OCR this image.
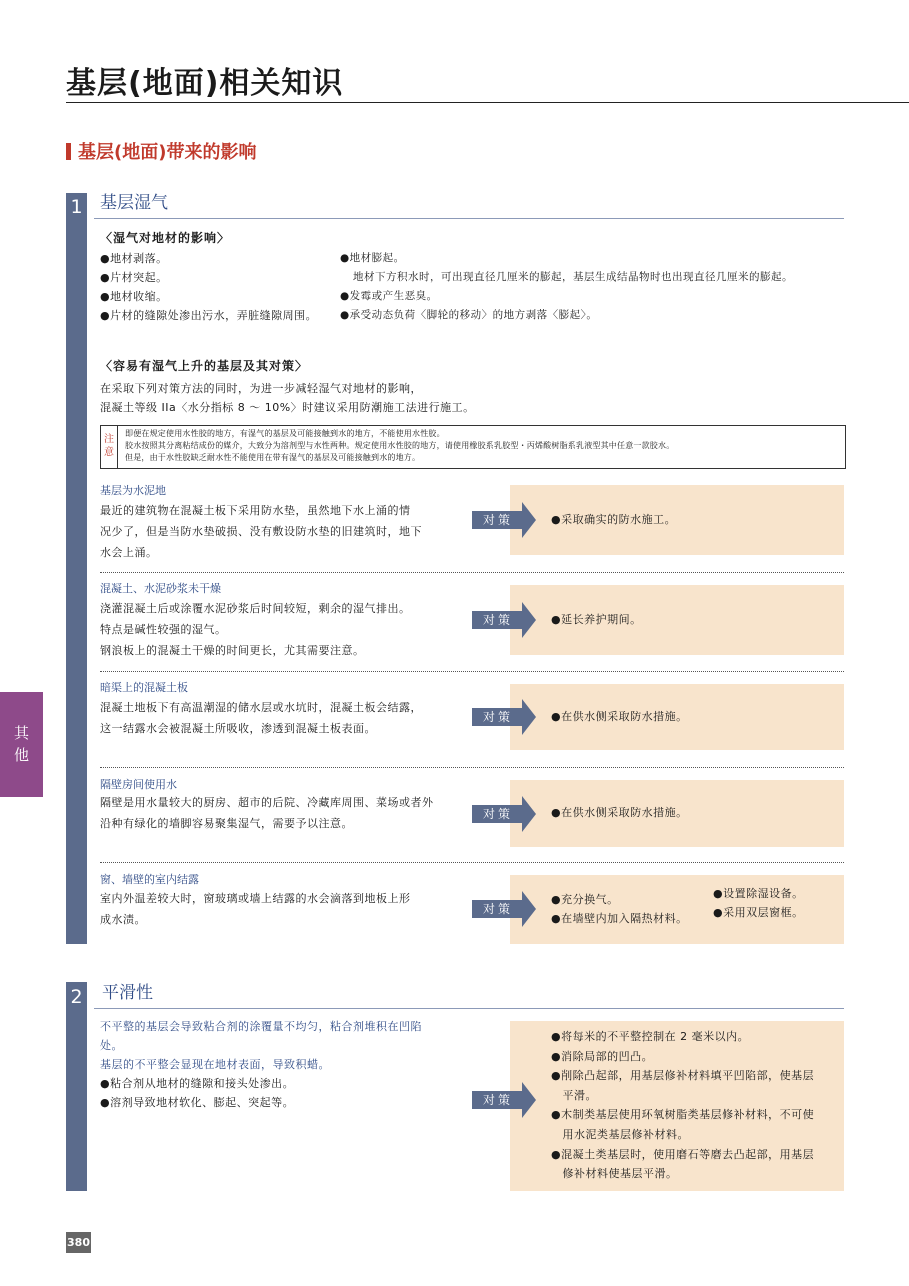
基层(地面)相关知识
基层(地面)带来的影响
1 基层湿气
〈湿气对地材的影响〉
●地材剥落。
●片材突起。
●地材收缩。
●片材的缝隙处渗出污水，弄脏缝隙周围。
●地材膨起。
地材下方积水时，可出现直径几厘米的膨起，基层生成结晶物时也出现直径几厘米的膨起。
●发霉或产生恶臭。
●承受动态负荷〈脚轮的移动〉的地方剥落〈膨起〉。
〈容易有湿气上升的基层及其对策〉
在采取下列对策方法的同时，为进一步减轻湿气对地材的影响，
混凝土等级 IIa〈水分指标 8 ～ 10%〉时建议采用防潮施工法进行施工。
注
意
即便在规定使用水性胶的地方，有湿气的基层及可能接触到水的地方，不能使用水性胶。
胶水按照其分离粘结成份的媒介，大致分为溶剂型与水性两种。规定使用水性胶的地方，请使用橡胶系乳胶型・丙烯酸树脂系乳液型其中任意一款胶水。
但是，由于水性胶缺乏耐水性不能使用在带有湿气的基层及可能接触到水的地方。
基层为水泥地
最近的建筑物在混凝土板下采用防水垫，虽然地下水上涌的情
况少了，但是当防水垫破损、没有敷设防水垫的旧建筑时，地下
水会上涌。
对策	●采取确实的防水施工。
混凝土、水泥砂浆未干燥
浇灌混凝土后或涂覆水泥砂浆后时间较短，剩余的湿气排出。
特点是碱性较强的湿气。
钢浪板上的混凝土干燥的时间更长，尤其需要注意。
对策	●延长养护期间。
暗渠上的混凝土板
混凝土地板下有高温潮湿的储水层或水坑时，混凝土板会结露，
这一结露水会被混凝土所吸收，渗透到混凝土板表面。
对策	●在供水侧采取防水措施。
隔壁房间使用水
隔壁是用水量较大的厨房、超市的后院、冷藏库周围、菜场或者外
沿种有绿化的墙脚容易聚集湿气，需要予以注意。
对策	●在供水侧采取防水措施。
窗、墙壁的室内结露
室内外温差较大时，窗玻璃或墙上结露的水会滴落到地板上形
成水渍。
对策
●充分换气。
●在墙壁内加入隔热材料。
●设置除湿设备。
●采用双层窗框。
其
他
2 平滑性
不平整的基层会导致粘合剂的涂覆量不均匀，粘合剂堆积在凹陷
处。
基层的不平整会显现在地材表面，导致积蜡。
●粘合剂从地材的缝隙和接头处渗出。
●溶剂导致地材软化、膨起、突起等。	对策
●将每米的不平整控制在 2 毫米以内。
●消除局部的凹凸。
●削除凸起部，用基层修补材料填平凹陷部，使基层
　平滑。
●木制类基层使用环氧树脂类基层修补材料，不可使
　用水泥类基层修补材料。
●混凝土类基层时，使用磨石等磨去凸起部，用基层
　修补材料使基层平滑。
380
